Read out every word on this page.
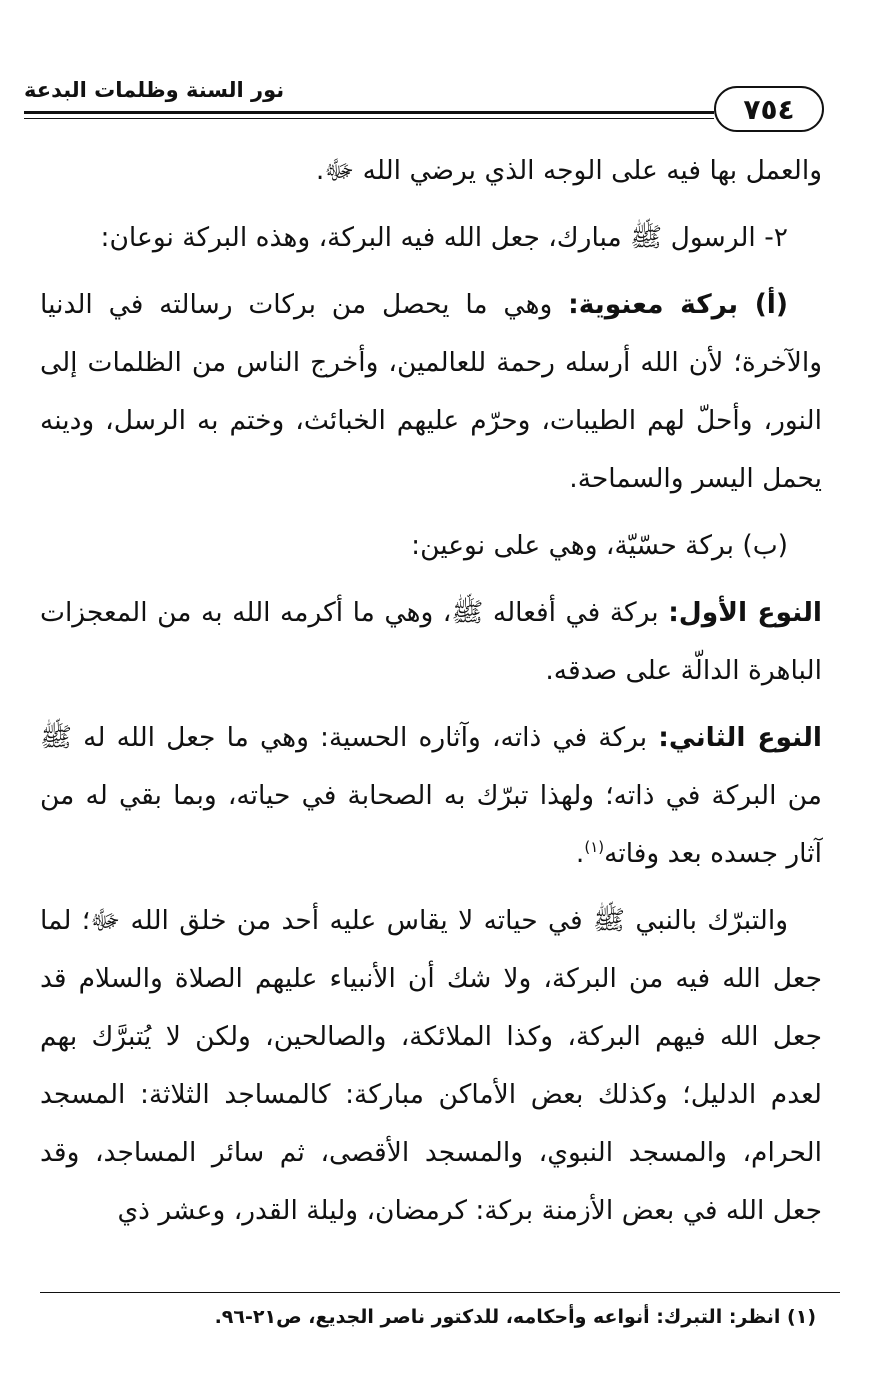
نور السنة وظلمات البدعة
٧٥٤

والعمل بها فيه على الوجه الذي يرضي الله ﷻ.

٢- الرسول ﷺ مبارك، جعل الله فيه البركة، وهذه البركة نوعان:

(أ) بركة معنوية: وهي ما يحصل من بركات رسالته في الدنيا والآخرة؛ لأن الله أرسله رحمة للعالمين، وأخرج الناس من الظلمات إلى النور، وأحلّ لهم الطيبات، وحرّم عليهم الخبائث، وختم به الرسل، ودينه يحمل اليسر والسماحة.

(ب) بركة حسّيّة، وهي على نوعين:

النوع الأول: بركة في أفعاله ﷺ، وهي ما أكرمه الله به من المعجزات الباهرة الدالّة على صدقه.

النوع الثاني: بركة في ذاته، وآثاره الحسية: وهي ما جعل الله له ﷺ من البركة في ذاته؛ ولهذا تبرّك به الصحابة في حياته، وبما بقي له من آثار جسده بعد وفاته$^{(١)}$.

والتبرّك بالنبي ﷺ في حياته لا يقاس عليه أحد من خلق الله ﷻ؛ لما جعل الله فيه من البركة، ولا شك أن الأنبياء عليهم الصلاة والسلام قد جعل الله فيهم البركة، وكذا الملائكة، والصالحين، ولكن لا يُتبرَّك بهم لعدم الدليل؛ وكذلك بعض الأماكن مباركة: كالمساجد الثلاثة: المسجد الحرام، والمسجد النبوي، والمسجد الأقصى، ثم سائر المساجد، وقد جعل الله في بعض الأزمنة بركة: كرمضان، وليلة القدر، وعشر ذي

(١) انظر: التبرك: أنواعه وأحكامه، للدكتور ناصر الجديع، ص٢١-٩٦.
